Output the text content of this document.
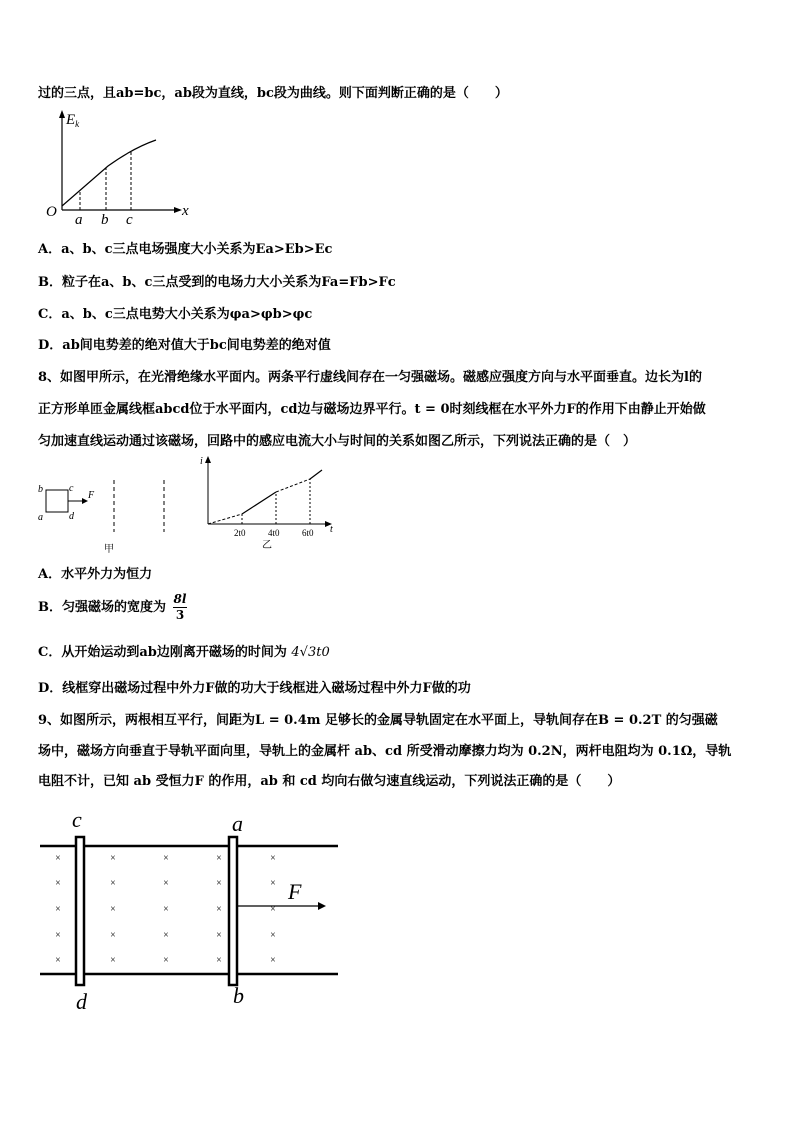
过的三点，且ab=bc，ab段为直线，bc段为曲线。则下面判断正确的是（　　）
$E_k$
O	x
a b c
A．a、b、c三点电场强度大小关系为Ea>Eb>Ec
B．粒子在a、b、c三点受到的电场力大小关系为Fa=Fb>Fc
C．a、b、c三点电势大小关系为φa>φb>φc
D．ab间电势差的绝对值大于bc间电势差的绝对值
8、如图甲所示，在光滑绝缘水平面内。两条平行虚线间存在一匀强磁场。磁感应强度方向与水平面垂直。边长为l的
正方形单匝金属线框abcd位于水平面内，cd边与磁场边界平行。t = 0时刻线框在水平外力F的作用下由静止开始做
匀加速直线运动通过该磁场，回路中的感应电流大小与时间的关系如图乙所示，下列说法正确的是（　）
b	c
a	d
F
甲
i
t
2t0 4t0 6t0
乙
A．水平外力为恒力
B．匀强磁场的宽度为 $\frac{8l}{3}$
C．从开始运动到ab边刚离开磁场的时间为 4√3t0
D．线框穿出磁场过程中外力F做的功大于线框进入磁场过程中外力F做的功
9、如图所示，两根相互平行，间距为L = 0.4m 足够长的金属导轨固定在水平面上，导轨间存在B = 0.2T 的匀强磁
场中，磁场方向垂直于导轨平面向里，导轨上的金属杆 ab、cd 所受滑动摩擦力均为 0.2N，两杆电阻均为 0.1Ω，导轨
电阻不计，已知 ab 受恒力F 的作用，ab 和 cd 均向右做匀速直线运动，下列说法正确的是（　　）
×
×
×
×
×
×
×
×
×
×
×
×
×
×
×
×
×
×
×
×
×
×
×
×
×
F
c	a
d	b
